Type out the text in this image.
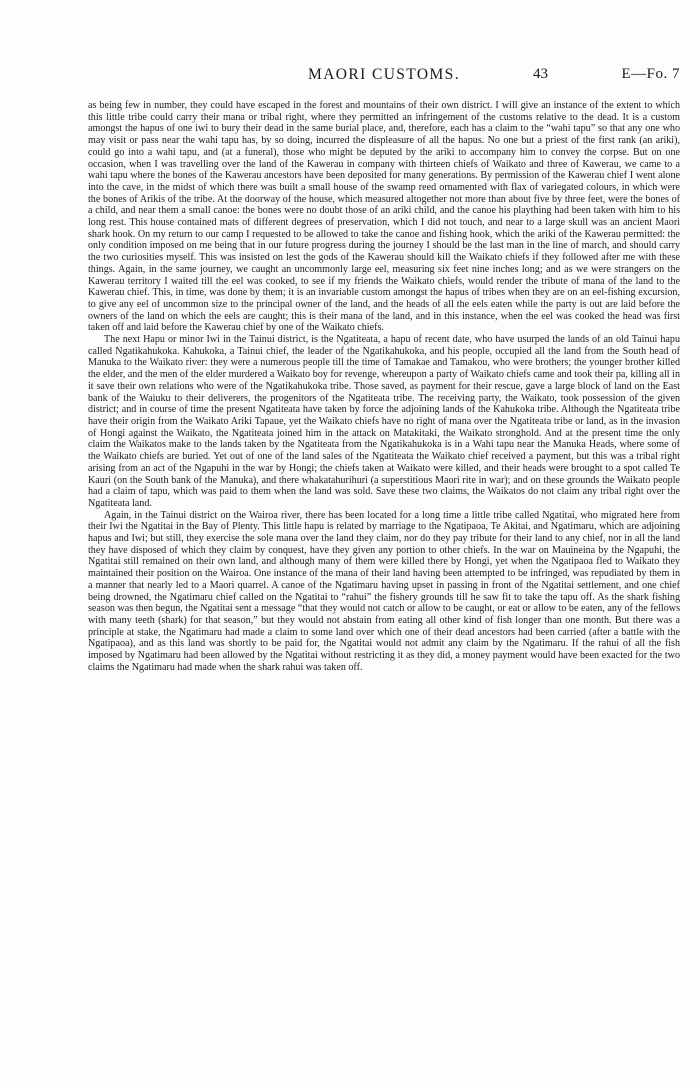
MAORI CUSTOMS.	43	E—Fo. 7

as being few in number, they could have escaped in the forest and mountains of their own district. I will give an instance of the extent to which this little tribe could carry their mana or tribal right, where they permitted an infringement of the customs relative to the dead. It is a custom amongst the hapus of one iwi to bury their dead in the same burial place, and, therefore, each has a claim to the “wahi tapu” so that any one who may visit or pass near the wahi tapu has, by so doing, incurred the displeasure of all the hapus. No one but a priest of the first rank (an ariki), could go into a wahi tapu, and (at a funeral), those who might be deputed by the ariki to accompany him to convey the corpse. But on one occasion, when I was travelling over the land of the Kawerau in company with thirteen chiefs of Waikato and three of Kawerau, we came to a wahi tapu where the bones of the Kawerau ancestors have been deposited for many generations. By permission of the Kawerau chief I went alone into the cave, in the midst of which there was built a small house of the swamp reed ornamented with flax of variegated colours, in which were the bones of Arikis of the tribe. At the doorway of the house, which measured altogether not more than about five by three feet, were the bones of a child, and near them a small canoe: the bones were no doubt those of an ariki child, and the canoe his plaything had been taken with him to his long rest. This house contained mats of different degrees of preservation, which I did not touch, and near to a large skull was an ancient Maori shark hook. On my return to our camp I requested to be allowed to take the canoe and fishing hook, which the ariki of the Kawerau permitted: the only condition imposed on me being that in our future progress during the journey I should be the last man in the line of march, and should carry the two curiosities myself. This was insisted on lest the gods of the Kawerau should kill the Waikato chiefs if they followed after me with these things. Again, in the same journey, we caught an uncommonly large eel, measuring six feet nine inches long; and as we were strangers on the Kawerau territory I waited till the eel was cooked, to see if my friends the Waikato chiefs, would render the tribute of mana of the land to the Kawerau chief. This, in time, was done by them; it is an invariable custom amongst the hapus of tribes when they are on an eel-fishing excursion, to give any eel of uncommon size to the principal owner of the land, and the heads of all the eels eaten while the party is out are laid before the owners of the land on which the eels are caught; this is their mana of the land, and in this instance, when the eel was cooked the head was first taken off and laid before the Kawerau chief by one of the Waikato chiefs.

The next Hapu or minor Iwi in the Tainui district, is the Ngatiteata, a hapu of recent date, who have usurped the lands of an old Tainui hapu called Ngatikahukoka. Kahukoka, a Tainui chief, the leader of the Ngatikahukoka, and his people, occupied all the land from the South head of Manuka to the Waikato river: they were a numerous people till the time of Tamakae and Tamakou, who were brothers; the younger brother killed the elder, and the men of the elder murdered a Waikato boy for revenge, whereupon a party of Waikato chiefs came and took their pa, killing all in it save their own relations who were of the Ngatikahukoka tribe. Those saved, as payment for their rescue, gave a large block of land on the East bank of the Waiuku to their deliverers, the progenitors of the Ngatiteata tribe. The receiving party, the Waikato, took possession of the given district; and in course of time the present Ngatiteata have taken by force the adjoining lands of the Kahukoka tribe. Although the Ngatiteata tribe have their origin from the Waikato Ariki Tapaue, yet the Waikato chiefs have no right of mana over the Ngatiteata tribe or land, as in the invasion of Hongi against the Waikato, the Ngatiteata joined him in the attack on Matakitaki, the Waikato stronghold. And at the present time the only claim the Waikatos make to the lands taken by the Ngatiteata from the Ngatikahukoka is in a Wahi tapu near the Manuka Heads, where some of the Waikato chiefs are buried. Yet out of one of the land sales of the Ngatiteata the Waikato chief received a payment, but this was a tribal right arising from an act of the Ngapuhi in the war by Hongi; the chiefs taken at Waikato were killed, and their heads were brought to a spot called Te Kauri (on the South bank of the Manuka), and there whakatahurihuri (a superstitious Maori rite in war); and on these grounds the Waikato people had a claim of tapu, which was paid to them when the land was sold. Save these two claims, the Waikatos do not claim any tribal right over the Ngatiteata land.

Again, in the Tainui district on the Wairoa river, there has been located for a long time a little tribe called Ngatitai, who migrated here from their Iwi the Ngatitai in the Bay of Plenty. This little hapu is related by marriage to the Ngatipaoa, Te Akitai, and Ngatimaru, which are adjoining hapus and Iwi; but still, they exercise the sole mana over the land they claim, nor do they pay tribute for their land to any chief, nor in all the land they have disposed of which they claim by conquest, have they given any portion to other chiefs. In the war on Mauineina by the Ngapuhi, the Ngatitai still remained on their own land, and although many of them were killed there by Hongi, yet when the Ngatipaoa fled to Waikato they maintained their position on the Wairoa. One instance of the mana of their land having been attempted to be infringed, was repudiated by them in a manner that nearly led to a Maori quarrel. A canoe of the Ngatimaru having upset in passing in front of the Ngatitai settlement, and one chief being drowned, the Ngatimaru chief called on the Ngatitai to “rahui” the fishery grounds till he saw fit to take the tapu off. As the shark fishing season was then begun, the Ngatitai sent a message “that they would not catch or allow to be caught, or eat or allow to be eaten, any of the fellows with many teeth (shark) for that season,” but they would not abstain from eating all other kind of fish longer than one month. But there was a principle at stake, the Ngatimaru had made a claim to some land over which one of their dead ancestors had been carried (after a battle with the Ngatipaoa), and as this land was shortly to be paid for, the Ngatitai would not admit any claim by the Ngatimaru. If the rahui of all the fish imposed by Ngatimaru had been allowed by the Ngatitai without restricting it as they did, a money payment would have been exacted for the two claims the Ngatimaru had made when the shark rahui was taken off.
